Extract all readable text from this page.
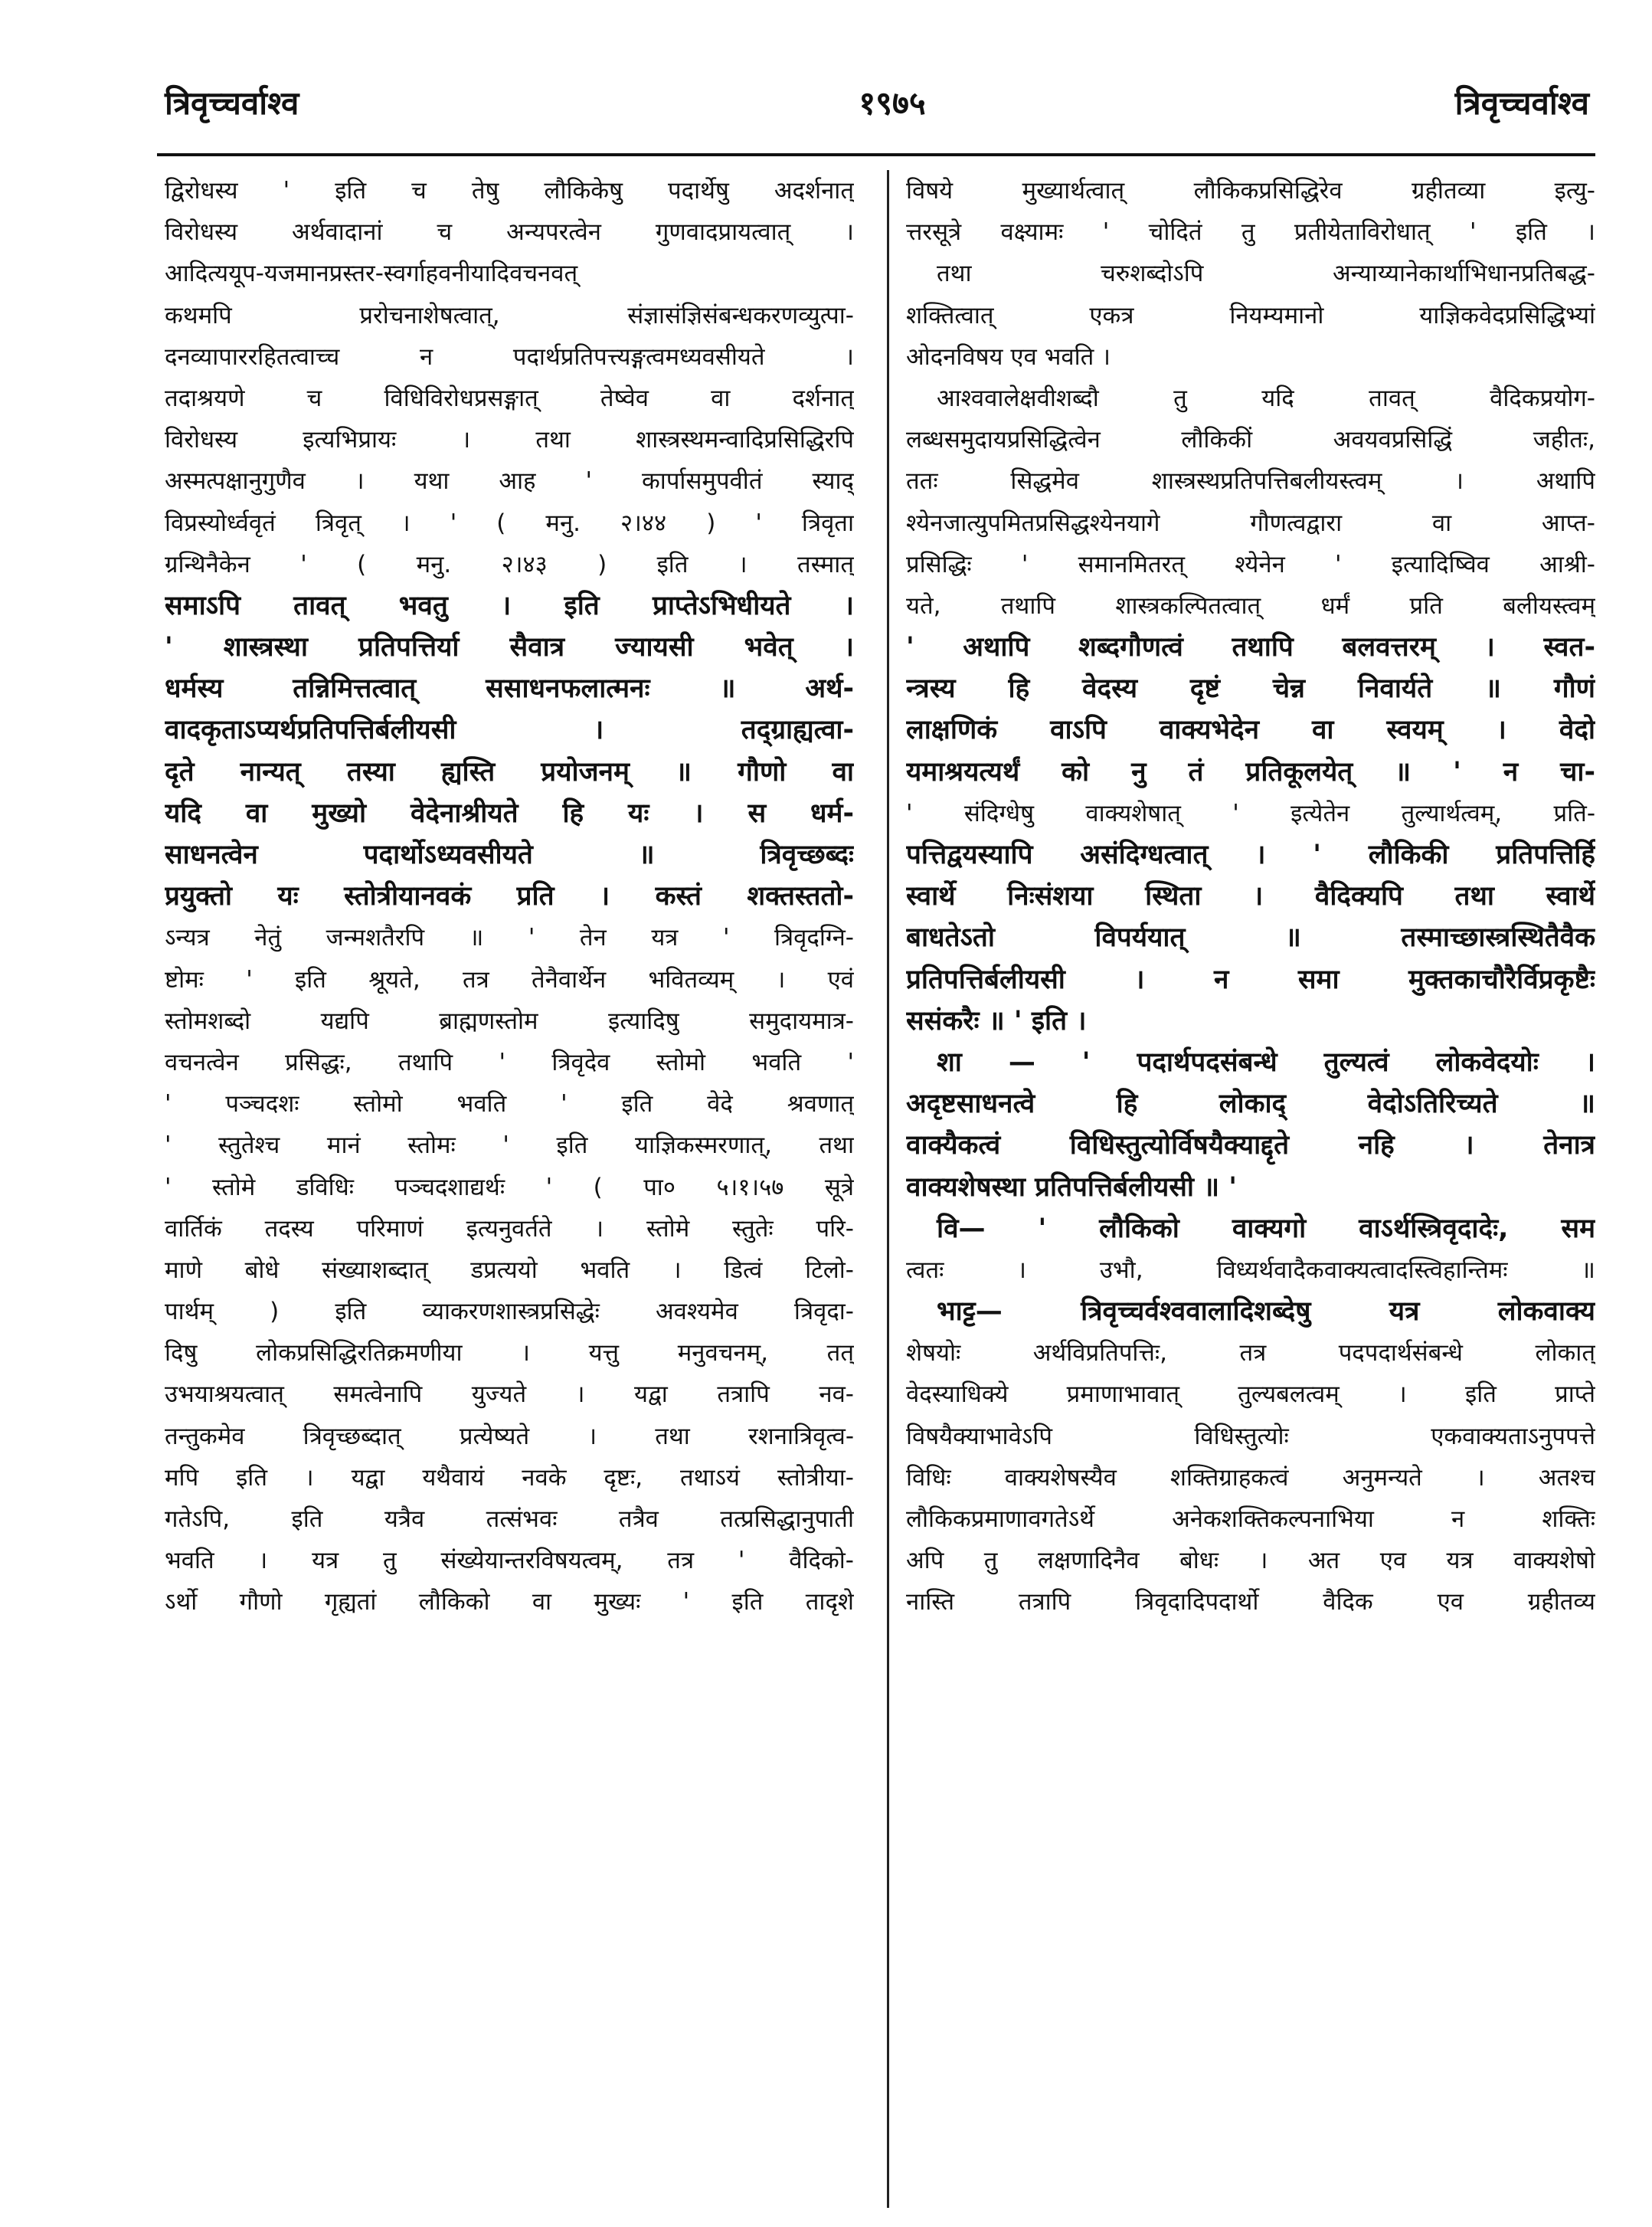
त्रिवृच्चर्वाश्व	१९७५	त्रिवृच्चर्वाश्व
द्विरोधस्य ' इति च तेषु लौकिकेषु पदार्थेषु अदर्शनात्
विरोधस्य अर्थवादानां च अन्यपरत्वेन गुणवादप्रायत्वात् ।
आदित्ययूप-यजमानप्रस्तर-स्वर्गाहवनीयादिवचनवत्
कथमपि प्ररोचनाशेषत्वात्, संज्ञासंज्ञिसंबन्धकरणव्युत्पा-
दनव्यापाररहितत्वाच्च न पदार्थप्रतिपत्त्यङ्गत्वमध्यवसीयते ।
तदाश्रयणे च विधिविरोधप्रसङ्गात् तेष्वेव वा दर्शनात्
विरोधस्य इत्यभिप्रायः । तथा शास्त्रस्थमन्वादिप्रसिद्धिरपि
अस्मत्पक्षानुगुणैव । यथा आह ' कार्पासमुपवीतं स्याद्
विप्रस्योर्ध्ववृतं त्रिवृत् । ' ( मनु. २।४४ ) ' त्रिवृता
ग्रन्थिनैकेन ' ( मनु. २।४३ ) इति । तस्मात्
समाऽपि तावत् भवतु । इति प्राप्तेऽभिधीयते ।
' शास्त्रस्था प्रतिपत्तिर्या सैवात्र ज्यायसी भवेत् ।
धर्मस्य तन्निमित्तत्वात् ससाधनफलात्मनः ॥ अर्थ-
वादकृताऽप्यर्थप्रतिपत्तिर्बलीयसी । तद्ग्राह्यत्वा-
दृते नान्यत् तस्या ह्यस्ति प्रयोजनम् ॥ गौणो वा
यदि वा मुख्यो वेदेनाश्रीयते हि यः । स धर्म-
साधनत्वेन पदार्थोऽध्यवसीयते ॥ त्रिवृच्छब्दः
प्रयुक्तो यः स्तोत्रीयानवकं प्रति । कस्तं शक्तस्ततो-
ऽन्यत्र नेतुं जन्मशतैरपि ॥ ' तेन यत्र ' त्रिवृदग्नि-
ष्टोमः ' इति श्रूयते, तत्र तेनैवार्थेन भवितव्यम् । एवं
स्तोमशब्दो यद्यपि ब्राह्मणस्तोम इत्यादिषु समुदायमात्र-
वचनत्वेन प्रसिद्धः, तथापि ' त्रिवृदेव स्तोमो भवति '
' पञ्चदशः स्तोमो भवति ' इति वेदे श्रवणात्
' स्तुतेश्च मानं स्तोमः ' इति याज्ञिकस्मरणात्, तथा
' स्तोमे डविधिः पञ्चदशाद्यर्थः ' ( पा० ५।१।५७ सूत्रे
वार्तिकं तदस्य परिमाणं इत्यनुवर्तते । स्तोमे स्तुतेः परि-
माणे बोधे संख्याशब्दात् डप्रत्ययो भवति । डित्वं टिलो-
पार्थम् ) इति व्याकरणशास्त्रप्रसिद्धेः अवश्यमेव त्रिवृदा-
दिषु लोकप्रसिद्धिरतिक्रमणीया । यत्तु मनुवचनम्, तत्
उभयाश्रयत्वात् समत्वेनापि युज्यते । यद्वा तत्रापि नव-
तन्तुकमेव त्रिवृच्छब्दात् प्रत्येष्यते । तथा रशनात्रिवृत्व-
मपि इति । यद्वा यथैवायं नवके दृष्टः, तथाऽयं स्तोत्रीया-
गतेऽपि, इति यत्रैव तत्संभवः तत्रैव तत्प्रसिद्धानुपाती
भवति । यत्र तु संख्येयान्तरविषयत्वम्, तत्र ' वैदिको-
ऽर्थो गौणो गृह्यतां लौकिको वा मुख्यः ' इति तादृशे
विषये मुख्यार्थत्वात् लौकिकप्रसिद्धिरेव ग्रहीतव्या इत्यु-
त्तरसूत्रे वक्ष्यामः ' चोदितं तु प्रतीयेताविरोधात् ' इति ।
तथा चरुशब्दोऽपि अन्याय्यानेकार्थाभिधानप्रतिबद्ध-
शक्तित्वात् एकत्र नियम्यमानो याज्ञिकवेदप्रसिद्धिभ्यां
ओदनविषय एव भवति ।
आश्ववालेक्षवीशब्दौ तु यदि तावत् वैदिकप्रयोग-
लब्धसमुदायप्रसिद्धित्वेन लौकिकीं अवयवप्रसिद्धिं जहीतः,
ततः सिद्धमेव शास्त्रस्थप्रतिपत्तिबलीयस्त्वम् । अथापि
श्येनजात्युपमितप्रसिद्धश्येनयागे गौणत्वद्वारा वा आप्त-
प्रसिद्धिः ' समानमितरत् श्येनेन ' इत्यादिष्विव आश्री-
यते, तथापि शास्त्रकल्पितत्वात् धर्मं प्रति बलीयस्त्वम्
' अथापि शब्दगौणत्वं तथापि बलवत्तरम् । स्वत-
न्त्रस्य हि वेदस्य दृष्टं चेन्न निवार्यते ॥ गौणं
लाक्षणिकं वाऽपि वाक्यभेदेन वा स्वयम् । वेदो
यमाश्रयत्यर्थं को नु तं प्रतिकूलयेत् ॥ ' न चा-
' संदिग्धेषु वाक्यशेषात् ' इत्येतेन तुल्यार्थत्वम्, प्रति-
पत्तिद्वयस्यापि असंदिग्धत्वात् । ' लौकिकी प्रतिपत्तिर्हि
स्वार्थे निःसंशया स्थिता । वैदिक्यपि तथा स्वार्थे
बाधतेऽतो विपर्ययात् ॥ तस्माच्छास्त्रस्थितैवैक
प्रतिपत्तिर्बलीयसी । न समा मुक्तकाचौरैर्विप्रकृष्टैः
ससंकरैः ॥ ' इति ।
शा — ' पदार्थपदसंबन्धे तुल्यत्वं लोकवेदयोः ।
अदृष्टसाधनत्वे हि लोकाद् वेदोऽतिरिच्यते ॥
वाक्यैकत्वं विधिस्तुत्योर्विषयैक्याद्दृते नहि । तेनात्र
वाक्यशेषस्था प्रतिपत्तिर्बलीयसी ॥ '
वि— ' लौकिको वाक्यगो वाऽर्थस्त्रिवृदादेः, सम
त्वतः । उभौ, विध्यर्थवादैकवाक्यत्वादस्त्विहान्तिमः ॥
भाट्ट— त्रिवृच्चर्वश्ववालादिशब्देषु यत्र लोकवाक्य
शेषयोः अर्थविप्रतिपत्तिः, तत्र पदपदार्थसंबन्धे लोकात्
वेदस्याधिक्ये प्रमाणाभावात् तुल्यबलत्वम् । इति प्राप्ते
विषयैक्याभावेऽपि विधिस्तुत्योः एकवाक्यताऽनुपपत्ते
विधिः वाक्यशेषस्यैव शक्तिग्राहकत्वं अनुमन्यते । अतश्च
लौकिकप्रमाणावगतेऽर्थे अनेकशक्तिकल्पनाभिया न शक्तिः
अपि तु लक्षणादिनैव बोधः । अत एव यत्र वाक्यशेषो
नास्ति तत्रापि त्रिवृदादिपदार्थो वैदिक एव ग्रहीतव्य
